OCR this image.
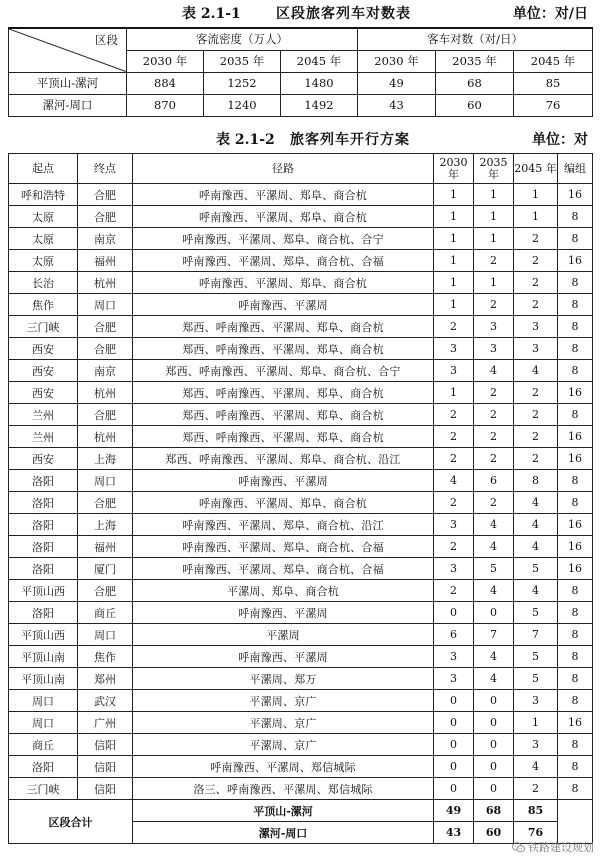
表 2.1-1	区段旅客列车对数表	单位：对/日
区段	客流密度（万人）			客车对数（对/日）		
	2030 年	2035 年	2045 年	2030 年	2035 年	2045 年
平顶山-漯河	884	1252	1480	49	68	85
漯河-周口	870	1240	1492	43	60	76
表 2.1-2 旅客列车开行方案	单位：对
起点	终点	径路	2030 年	2035 年	2045 年	编组
呼和浩特	合肥	呼南豫西、平漯周、郑阜、商合杭	1	1	1	16
太原	合肥	呼南豫西、平漯周、郑阜、商合杭	1	1	1	8
太原	南京	呼南豫西、平漯周、郑阜、商合杭、合宁	1	1	2	8
太原	福州	呼南豫西、平漯周、郑阜、商合杭、合福	1	2	2	16
长治	杭州	呼南豫西、平漯周、郑阜、商合杭	1	1	2	8
焦作	周口	呼南豫西、平漯周	1	2	2	8
三门峡	合肥	郑西、呼南豫西、平漯周、郑阜、商合杭	2	3	3	8
西安	合肥	郑西、呼南豫西、平漯周、郑阜、商合杭	3	3	3	8
西安	南京	郑西、呼南豫西、平漯周、郑阜、商合杭、合宁	3	4	4	8
西安	杭州	郑西、呼南豫西、平漯周、郑阜、商合杭	1	2	2	16
兰州	合肥	郑西、呼南豫西、平漯周、郑阜、商合杭	2	2	2	8
兰州	杭州	郑西、呼南豫西、平漯周、郑阜、商合杭	2	2	2	16
西安	上海	郑西、呼南豫西、平漯周、郑阜、商合杭、沿江	2	2	2	16
洛阳	周口	呼南豫西、平漯周	4	6	8	8
洛阳	合肥	呼南豫西、平漯周、郑阜、商合杭	2	2	4	8
洛阳	上海	呼南豫西、平漯周、郑阜、商合杭、沿江	3	4	4	16
洛阳	福州	呼南豫西、平漯周、郑阜、商合杭、合福	2	4	4	16
洛阳	厦门	呼南豫西、平漯周、郑阜、商合杭、合福	3	5	5	16
平顶山西	合肥	平漯周、郑阜、商合杭	2	4	4	8
洛阳	商丘	呼南豫西、平漯周	0	0	5	8
平顶山西	周口	平漯周	6	7	7	8
平顶山南	焦作	呼南豫西、平漯周	3	4	5	8
平顶山南	郑州	平漯周、郑万	3	4	5	8
周口	武汉	平漯周、京广	0	0	3	8
周口	广州	平漯周、京广	0	0	1	16
商丘	信阳	平漯周、京广	0	0	3	8
洛阳	信阳	呼南豫西、平漯周、郑信城际	0	0	4	8
三门峡	信阳	洛三、呼南豫西、平漯周、郑信城际	0	0	2	8
区段合计		平顶山-漯河	49	68	85	
		漯河-周口	43	60	76	
铁路建设规划
